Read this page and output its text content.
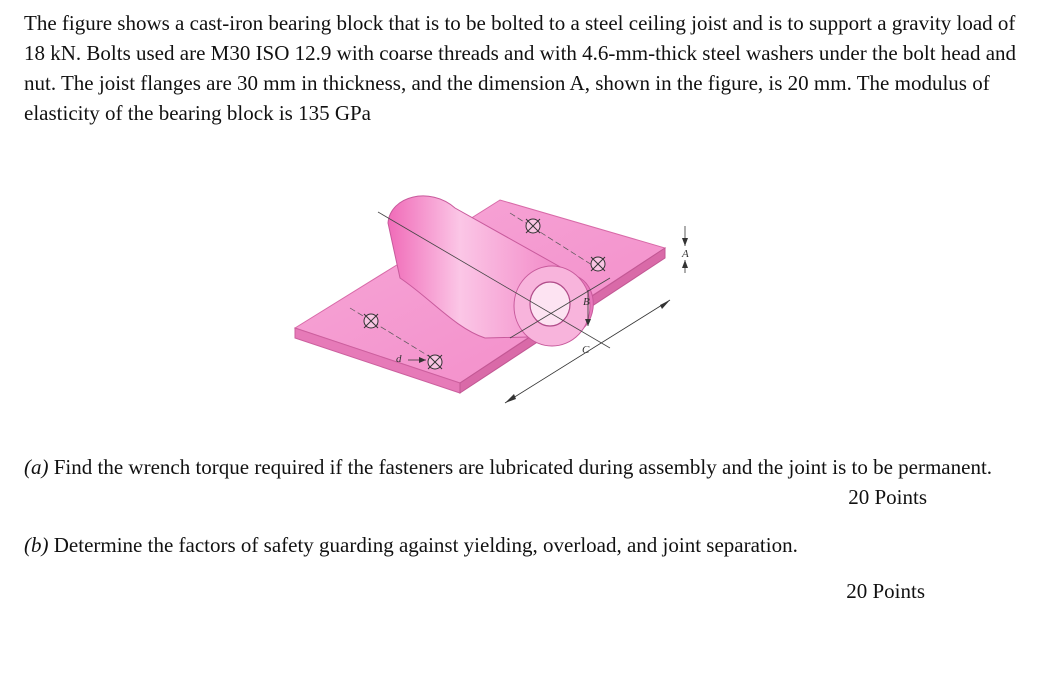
The figure shows a cast-iron bearing block that is to be bolted to a steel ceiling joist and is to support a gravity load of 18 kN. Bolts used are M30 ISO 12.9 with coarse threads and with 4.6-mm-thick steel washers under the bolt head and nut. The joist flanges are 30 mm in thickness, and the dimension A, shown in the figure, is 20 mm. The modulus of elasticity of the bearing block is 135 GPa

A
B
C
d

(a) Find the wrench torque required if the fasteners are lubricated during assembly and the joint is to be permanent.

20 Points

(b) Determine the factors of safety guarding against yielding, overload, and joint separation.

20 Points
